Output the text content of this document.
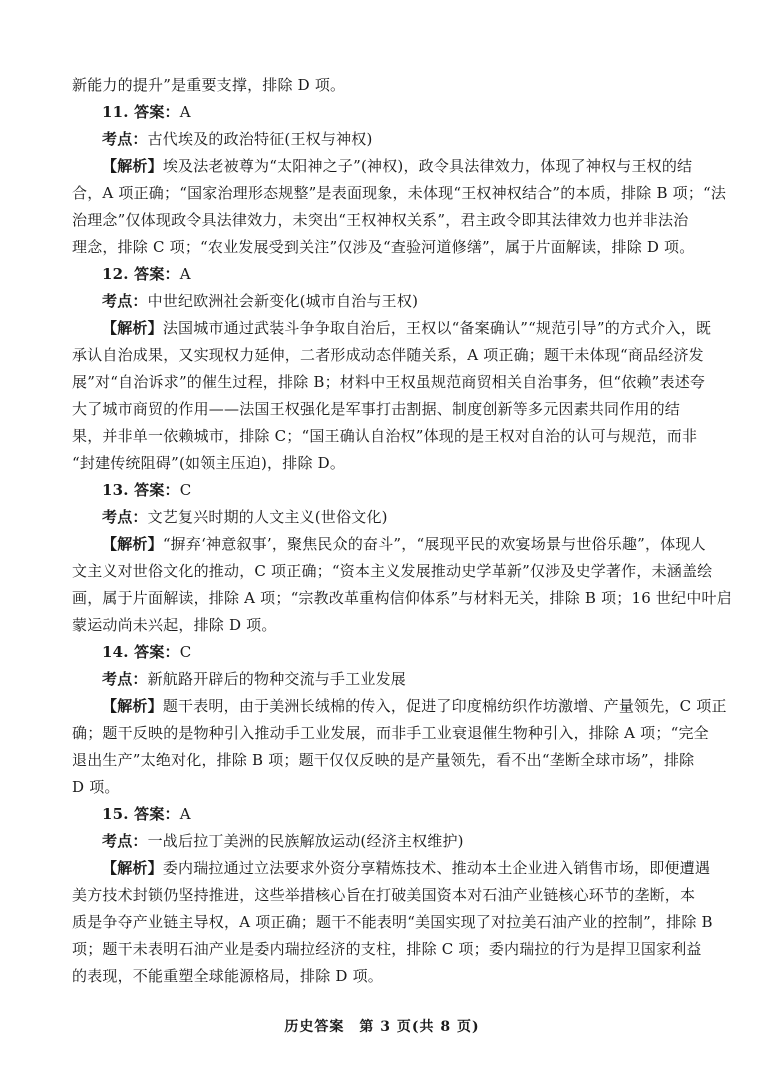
新能力的提升”是重要支撑，排除 D 项。
11. 答案：A
考点：古代埃及的政治特征(王权与神权)
【解析】埃及法老被尊为“太阳神之子”(神权)，政令具法律效力，体现了神权与王权的结
合，A 项正确；“国家治理形态规整”是表面现象，未体现“王权神权结合”的本质，排除 B 项；“法
治理念”仅体现政令具法律效力，未突出“王权神权关系”，君主政令即其法律效力也并非法治
理念，排除 C 项；“农业发展受到关注”仅涉及“查验河道修缮”，属于片面解读，排除 D 项。
12. 答案：A
考点：中世纪欧洲社会新变化(城市自治与王权)
【解析】法国城市通过武装斗争争取自治后，王权以“备案确认”“规范引导”的方式介入，既
承认自治成果，又实现权力延伸，二者形成动态伴随关系，A 项正确；题干未体现“商品经济发
展”对“自治诉求”的催生过程，排除 B；材料中王权虽规范商贸相关自治事务，但“依赖”表述夸
大了城市商贸的作用——法国王权强化是军事打击割据、制度创新等多元因素共同作用的结
果，并非单一依赖城市，排除 C；“国王确认自治权”体现的是王权对自治的认可与规范，而非
“封建传统阻碍”(如领主压迫)，排除 D。
13. 答案：C
考点：文艺复兴时期的人文主义(世俗文化)
【解析】“摒弃‘神意叙事’，聚焦民众的奋斗”，“展现平民的欢宴场景与世俗乐趣”，体现人
文主义对世俗文化的推动，C 项正确；“资本主义发展推动史学革新”仅涉及史学著作，未涵盖绘
画，属于片面解读，排除 A 项；“宗教改革重构信仰体系”与材料无关，排除 B 项；16 世纪中叶启
蒙运动尚未兴起，排除 D 项。
14. 答案：C
考点：新航路开辟后的物种交流与手工业发展
【解析】题干表明，由于美洲长绒棉的传入，促进了印度棉纺织作坊激增、产量领先，C 项正
确；题干反映的是物种引入推动手工业发展，而非手工业衰退催生物种引入，排除 A 项；“完全
退出生产”太绝对化，排除 B 项；题干仅仅反映的是产量领先，看不出“垄断全球市场”，排除
D 项。
15. 答案：A
考点：一战后拉丁美洲的民族解放运动(经济主权维护)
【解析】委内瑞拉通过立法要求外资分享精炼技术、推动本土企业进入销售市场，即便遭遇
美方技术封锁仍坚持推进，这些举措核心旨在打破美国资本对石油产业链核心环节的垄断，本
质是争夺产业链主导权，A 项正确；题干不能表明“美国实现了对拉美石油产业的控制”，排除 B
项；题干未表明石油产业是委内瑞拉经济的支柱，排除 C 项；委内瑞拉的行为是捍卫国家利益
的表现，不能重塑全球能源格局，排除 D 项。
历史答案　第 3 页(共 8 页)
